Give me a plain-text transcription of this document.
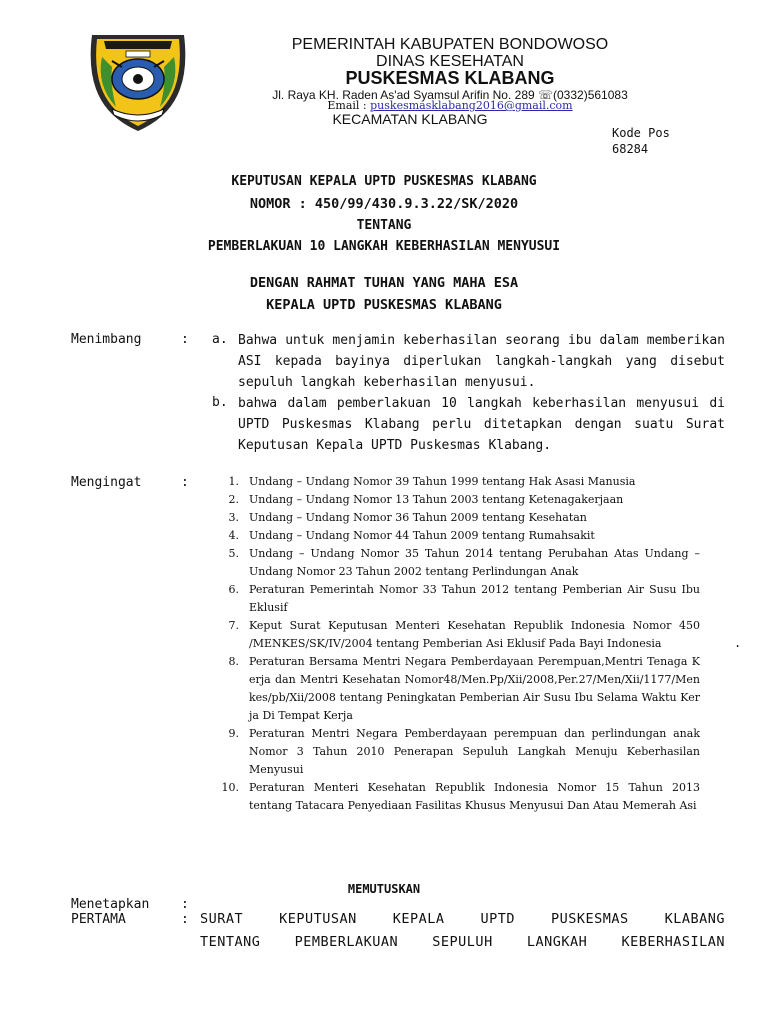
PEMERINTAH KABUPATEN BONDOWOSO
DINAS KESEHATAN
PUSKESMAS KLABANG
Jl. Raya KH. Raden As'ad Syamsul Arifin No. 289 ☏(0332)561083
Email : puskesmasklabang2016@gmail.com
KECAMATAN KLABANG
Kode Pos
68284
KEPUTUSAN KEPALA UPTD PUSKESMAS KLABANG
NOMOR : 450/99/430.9.3.22/SK/2020
TENTANG
PEMBERLAKUAN 10 LANGKAH KEBERHASILAN MENYUSUI
DENGAN RAHMAT TUHAN YANG MAHA ESA
KEPALA UPTD PUSKESMAS KLABANG
Menimbang	: a. Bahwa untuk menjamin keberhasilan seorang ibu dalam memberikan ASI kepada bayinya diperlukan langkah-langkah yang disebut sepuluh langkah keberhasilan menyusui.
b. bahwa dalam pemberlakuan 10 langkah keberhasilan menyusui di UPTD Puskesmas Klabang perlu ditetapkan dengan suatu Surat Keputusan Kepala UPTD Puskesmas Klabang.
Mengingat	:	1. Undang – Undang Nomor 39 Tahun 1999 tentang Hak Asasi Manusia
2. Undang – Undang Nomor 13 Tahun 2003 tentang Ketenagakerjaan
3. Undang – Undang Nomor 36 Tahun 2009 tentang Kesehatan
4. Undang – Undang Nomor 44 Tahun 2009 tentang Rumahsakit
5. Undang – Undang Nomor 35 Tahun 2014 tentang Perubahan Atas Undang – Undang Nomor 23 Tahun 2002 tentang Perlindungan Anak
6. Peraturan Pemerintah Nomor 33 Tahun 2012 tentang Pemberian Air Susu Ibu Eklusif
7. Keput Surat Keputusan Menteri Kesehatan Republik Indonesia Nomor 450 /MENKES/SK/IV/2004 tentang Pemberian Asi Eklusif Pada Bayi Indonesia
8. Peraturan Bersama Mentri Negara Pemberdayaan Perempuan,Mentri Tenaga Kerja dan Mentri Kesehatan Nomor48/Men.Pp/Xii/2008,Per.27/Men/Xii/1177/Menkes/pb/Xii/2008 tentang Peningkatan Pemberian Air Susu Ibu Selama Waktu Kerja Di Tempat Kerja
9. Peraturan Mentri Negara Pemberdayaan perempuan dan perlindungan anak Nomor 3 Tahun 2010 Penerapan Sepuluh Langkah Menuju Keberhasilan Menyusui
10. Peraturan Menteri Kesehatan Republik Indonesia Nomor 15 Tahun 2013 tentang Tatacara Penyediaan Fasilitas Khusus Menyusui Dan Atau Memerah Asi
.
MEMUTUSKAN
Menetapkan :
PERTAMA	: SURAT KEPUTUSAN KEPALA UPTD PUSKESMAS KLABANG
TENTANG PEMBERLAKUAN SEPULUH LANGKAH KEBERHASILAN
